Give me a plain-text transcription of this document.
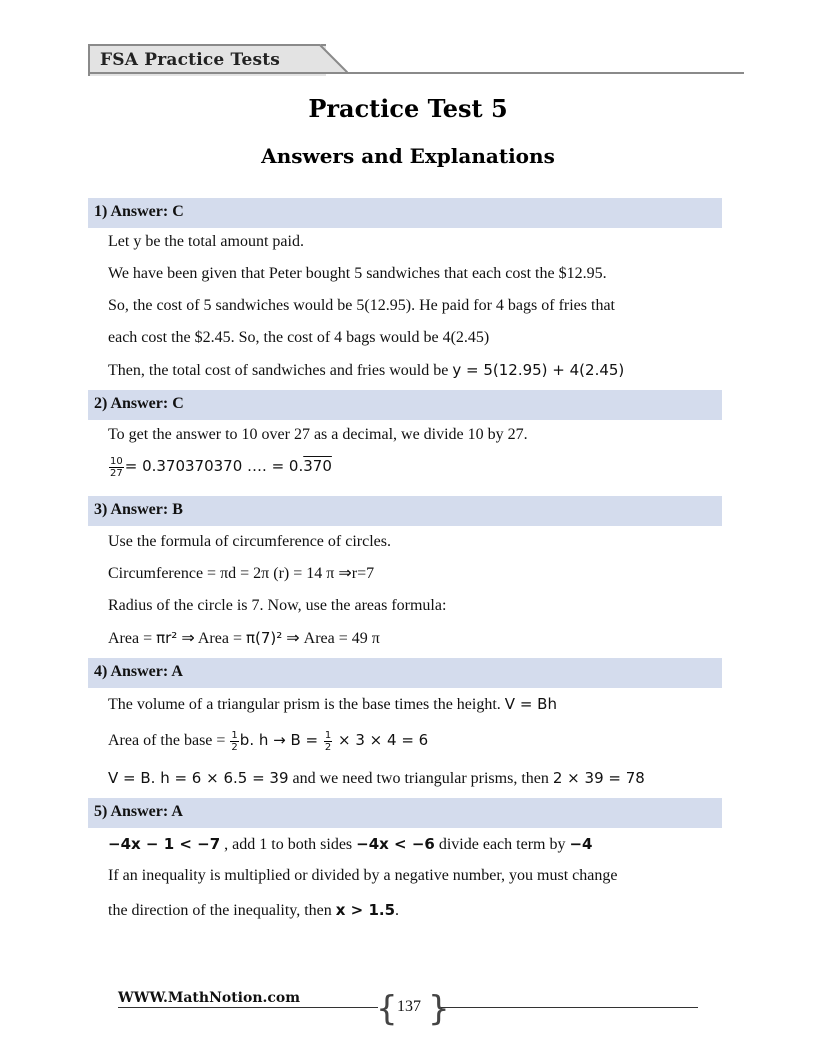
FSA Practice Tests
Practice Test 5
Answers and Explanations
1) Answer: C
Let y be the total amount paid.
We have been given that Peter bought 5 sandwiches that each cost the $12.95.
So, the cost of 5 sandwiches would be 5(12.95). He paid for 4 bags of fries that
each cost the $2.45. So, the cost of 4 bags would be 4(2.45)
Then, the total cost of sandwiches and fries would be y = 5(12.95) + 4(2.45)
2) Answer: C
To get the answer to 10 over 27 as a decimal, we divide 10 by 27.
$\frac{10}{27} = 0.370370370$ …. = 0.370
3) Answer: B
Use the formula of circumference of circles.
Circumference = πd = 2π (r) = 14 π ⇒r=7
Radius of the circle is 7. Now, use the areas formula:
Area = πr² ⇒ Area = π(7)² ⇒ Area = 49 π
4) Answer: A
The volume of a triangular prism is the base times the height. V = Bh
Area of the base = $\frac{1}{2} b$. $h \to B = \frac{1}{2} \times 3 \times 4 = 6$
V = B. h = 6 × 6.5 = 39 and we need two triangular prisms, then 2 × 39 = 78
5) Answer: A
−4x − 1 < −7 , add 1 to both sides −4x < −6 divide each term by −4
If an inequality is multiplied or divided by a negative number, you must change
the direction of the inequality, then x > 1.5.
WWW.MathNotion.com { }
137
